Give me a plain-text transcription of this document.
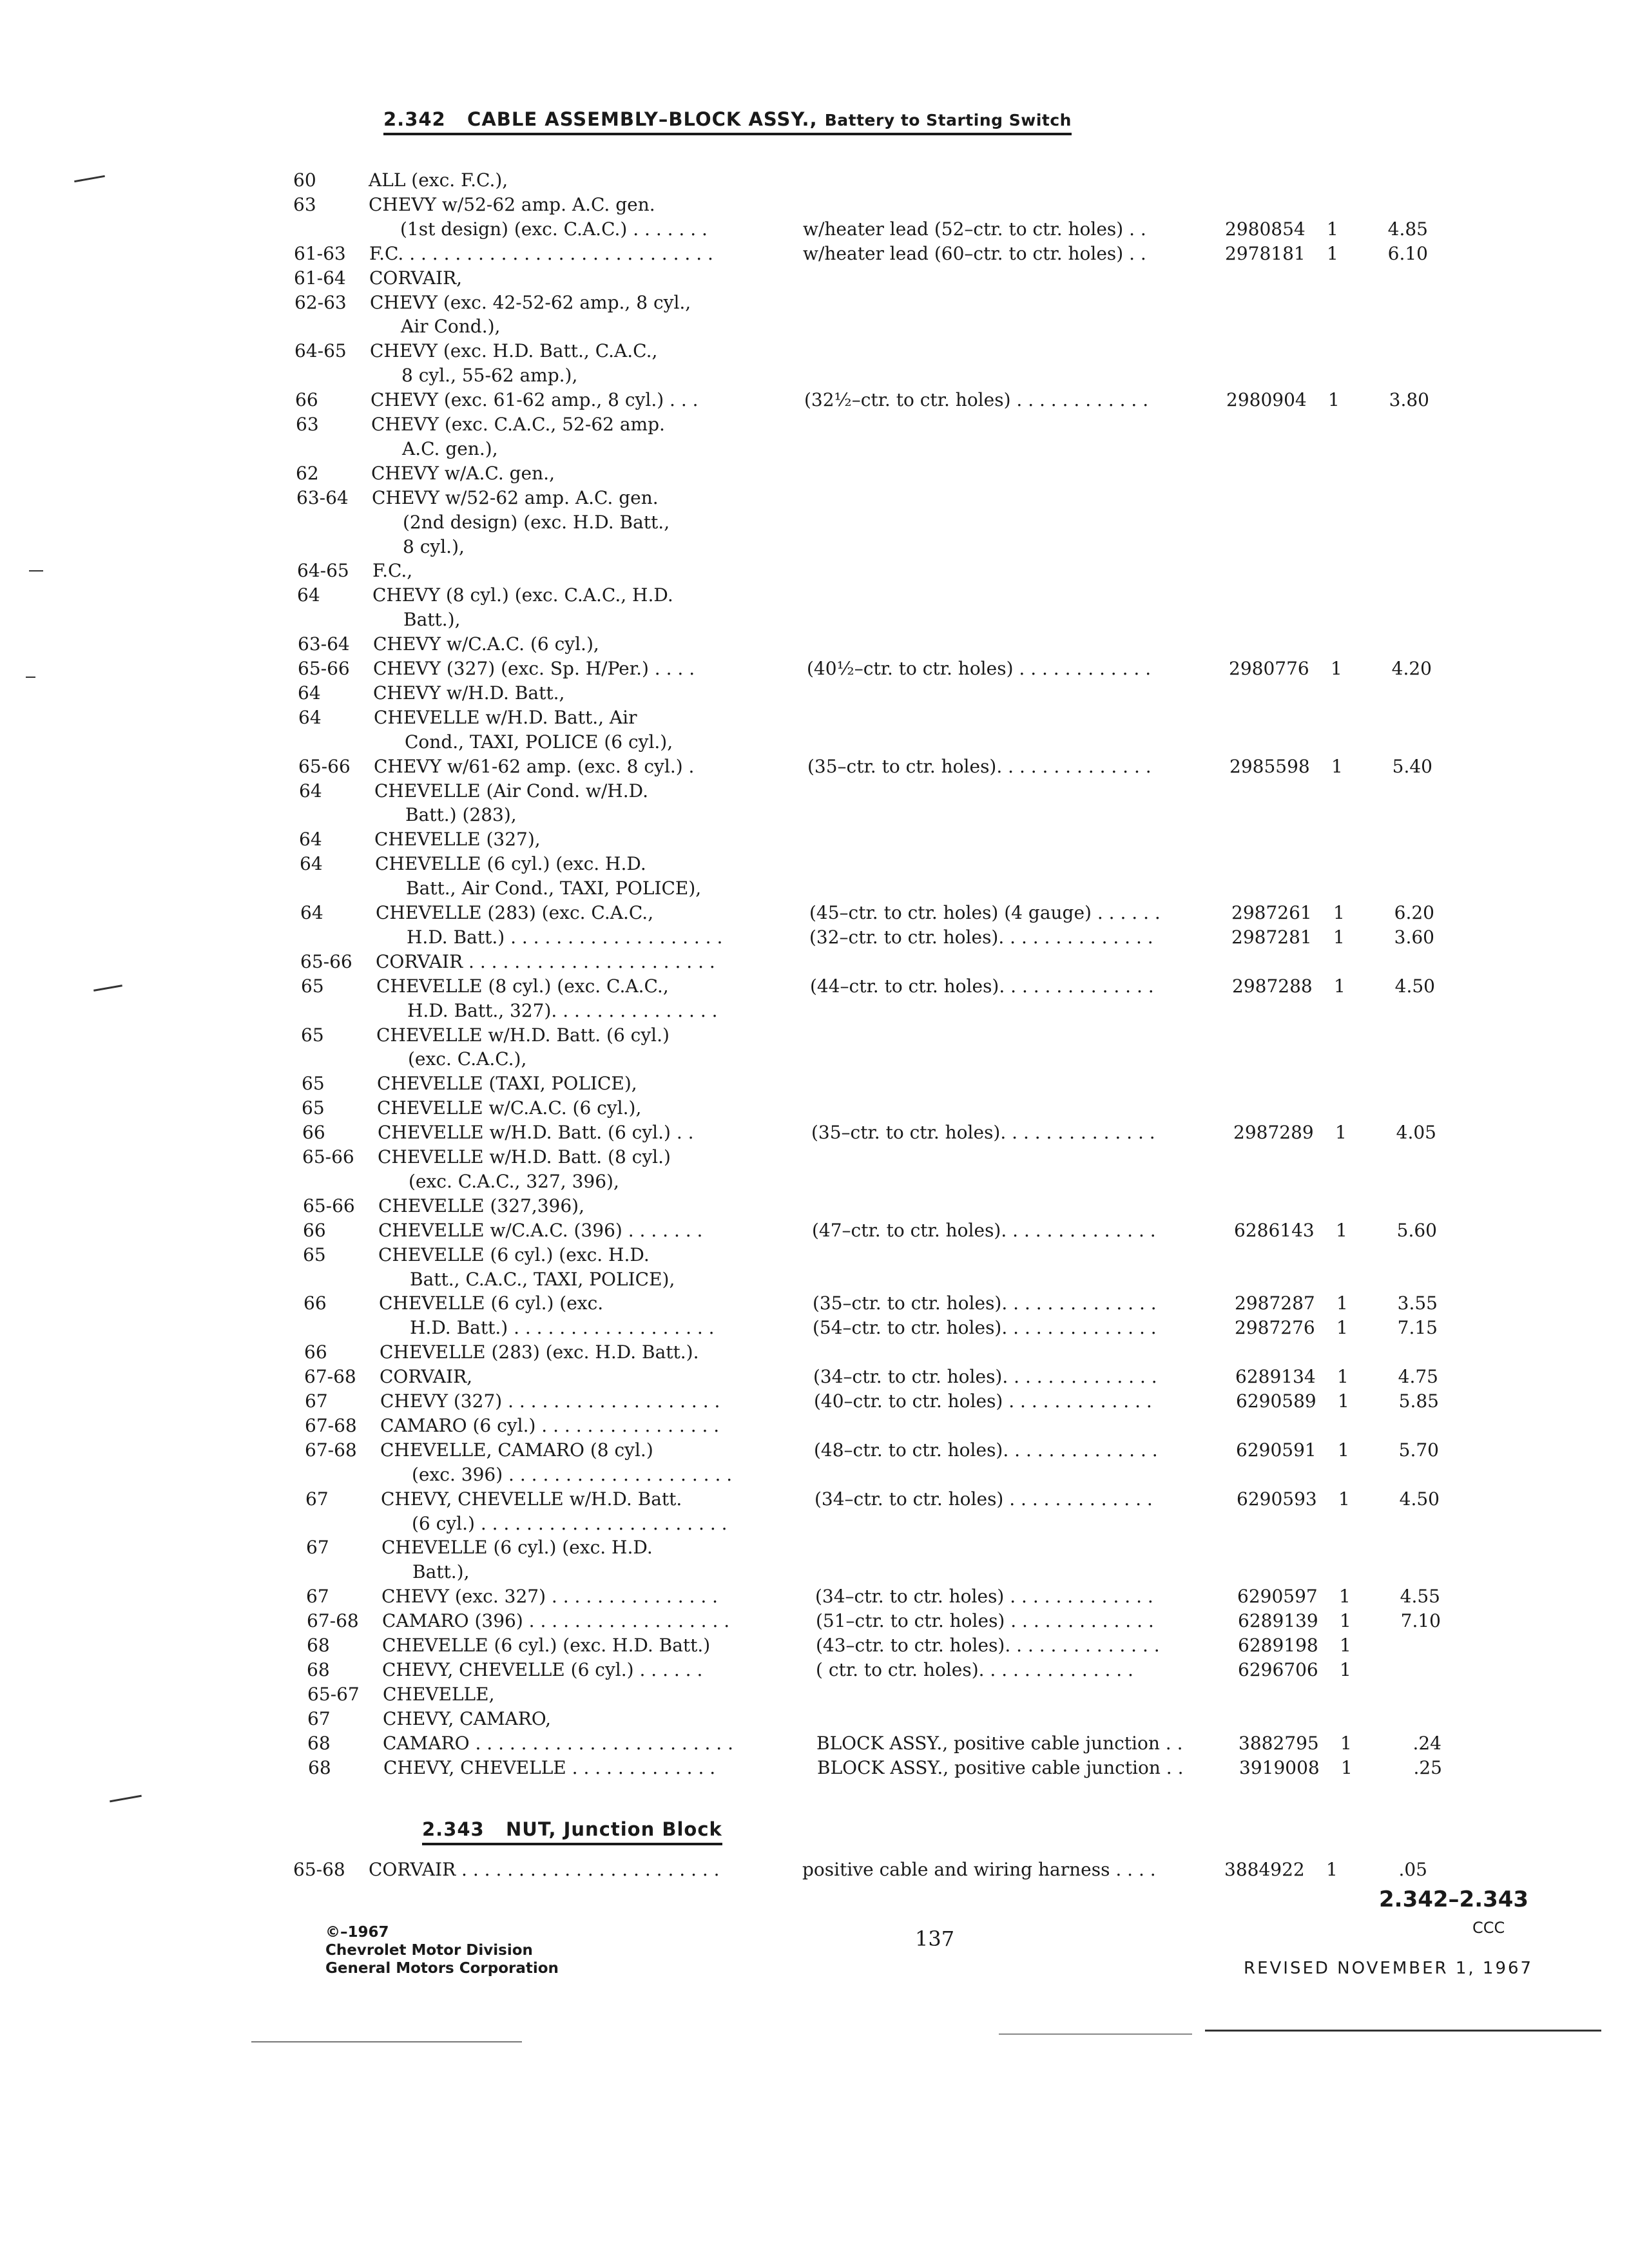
2.342 CABLE ASSEMBLY–BLOCK ASSY., Battery to Starting Switch
60	ALL (exc. F.C.),
63	CHEVY w/52-62 amp. A.C. gen.
(1st design) (exc. C.A.C.) . . . . . . .	w/heater lead (52–ctr. to ctr. holes) . .	2980854 1	4.85
61-63	F.C. . . . . . . . . . . . . . . . . . . . . . . . . . . .	w/heater lead (60–ctr. to ctr. holes) . .	2978181 1	6.10
61-64	CORVAIR,
62-63	CHEVY (exc. 42-52-62 amp., 8 cyl.,
Air Cond.),
64-65	CHEVY (exc. H.D. Batt., C.A.C.,
8 cyl., 55-62 amp.),
66	CHEVY (exc. 61-62 amp., 8 cyl.) . . .	(32½–ctr. to ctr. holes) . . . . . . . . . . . .	2980904 1	3.80
63	CHEVY (exc. C.A.C., 52-62 amp.
A.C. gen.),
62	CHEVY w/A.C. gen.,
63-64	CHEVY w/52-62 amp. A.C. gen.
(2nd design) (exc. H.D. Batt.,
8 cyl.),
64-65	F.C.,
64	CHEVY (8 cyl.) (exc. C.A.C., H.D.
Batt.),
63-64	CHEVY w/C.A.C. (6 cyl.),
65-66	CHEVY (327) (exc. Sp. H/Per.) . . . .	(40½–ctr. to ctr. holes) . . . . . . . . . . . .	2980776 1	4.20
64	CHEVY w/H.D. Batt.,
64	CHEVELLE w/H.D. Batt., Air
Cond., TAXI, POLICE (6 cyl.),
65-66	CHEVY w/61-62 amp. (exc. 8 cyl.) .	(35–ctr. to ctr. holes). . . . . . . . . . . . . .	2985598 1	5.40
64	CHEVELLE (Air Cond. w/H.D.
Batt.) (283),
64	CHEVELLE (327),
64	CHEVELLE (6 cyl.) (exc. H.D.
Batt., Air Cond., TAXI, POLICE),
64	CHEVELLE (283) (exc. C.A.C.,	(45–ctr. to ctr. holes) (4 gauge) . . . . . .	2987261 1	6.20
H.D. Batt.) . . . . . . . . . . . . . . . . . . .	(32–ctr. to ctr. holes). . . . . . . . . . . . . .	2987281 1	3.60
65-66	CORVAIR . . . . . . . . . . . . . . . . . . . . . .
65	CHEVELLE (8 cyl.) (exc. C.A.C.,	(44–ctr. to ctr. holes). . . . . . . . . . . . . .	2987288 1	4.50
H.D. Batt., 327). . . . . . . . . . . . . . .
65	CHEVELLE w/H.D. Batt. (6 cyl.)
(exc. C.A.C.),
65	CHEVELLE (TAXI, POLICE),
65	CHEVELLE w/C.A.C. (6 cyl.),
66	CHEVELLE w/H.D. Batt. (6 cyl.) . .	(35–ctr. to ctr. holes). . . . . . . . . . . . . .	2987289 1	4.05
65-66	CHEVELLE w/H.D. Batt. (8 cyl.)
(exc. C.A.C., 327, 396),
65-66	CHEVELLE (327,396),
66	CHEVELLE w/C.A.C. (396) . . . . . . .	(47–ctr. to ctr. holes). . . . . . . . . . . . . .	6286143 1	5.60
65	CHEVELLE (6 cyl.) (exc. H.D.
Batt., C.A.C., TAXI, POLICE),
66	CHEVELLE (6 cyl.) (exc.	(35–ctr. to ctr. holes). . . . . . . . . . . . . .	2987287 1	3.55
H.D. Batt.) . . . . . . . . . . . . . . . . . .	(54–ctr. to ctr. holes). . . . . . . . . . . . . .	2987276 1	7.15
66	CHEVELLE (283) (exc. H.D. Batt.).
67-68	CORVAIR,	(34–ctr. to ctr. holes). . . . . . . . . . . . . .	6289134 1	4.75
67	CHEVY (327) . . . . . . . . . . . . . . . . . . .	(40–ctr. to ctr. holes) . . . . . . . . . . . . .	6290589 1	5.85
67-68	CAMARO (6 cyl.) . . . . . . . . . . . . . . . .
67-68	CHEVELLE, CAMARO (8 cyl.)	(48–ctr. to ctr. holes). . . . . . . . . . . . . .	6290591 1	5.70
(exc. 396) . . . . . . . . . . . . . . . . . . . .
67	CHEVY, CHEVELLE w/H.D. Batt.	(34–ctr. to ctr. holes) . . . . . . . . . . . . .	6290593 1	4.50
(6 cyl.) . . . . . . . . . . . . . . . . . . . . . .
67	CHEVELLE (6 cyl.) (exc. H.D.
Batt.),
67	CHEVY (exc. 327) . . . . . . . . . . . . . . .	(34–ctr. to ctr. holes) . . . . . . . . . . . . .	6290597 1	4.55
67-68	CAMARO (396) . . . . . . . . . . . . . . . . . .	(51–ctr. to ctr. holes) . . . . . . . . . . . . .	6289139 1	7.10
68	CHEVELLE (6 cyl.) (exc. H.D. Batt.)	(43–ctr. to ctr. holes). . . . . . . . . . . . . .	6289198 1
68	CHEVY, CHEVELLE (6 cyl.) . . . . . .	( ctr. to ctr. holes). . . . . . . . . . . . . .	6296706 1
65-67	CHEVELLE,
67	CHEVY, CAMARO,
68	CAMARO . . . . . . . . . . . . . . . . . . . . . . .	BLOCK ASSY., positive cable junction . .	3882795 1	.24
68	CHEVY, CHEVELLE . . . . . . . . . . . . .	BLOCK ASSY., positive cable junction . .	3919008 1	.25
2.343 NUT, Junction Block
65-68	CORVAIR . . . . . . . . . . . . . . . . . . . . . . .	positive cable and wiring harness . . . .	3884922 1	.05
©–1967
Chevrolet Motor Division
General Motors Corporation
137
2.342–2.343
CCC
REVISED NOVEMBER 1, 1967
